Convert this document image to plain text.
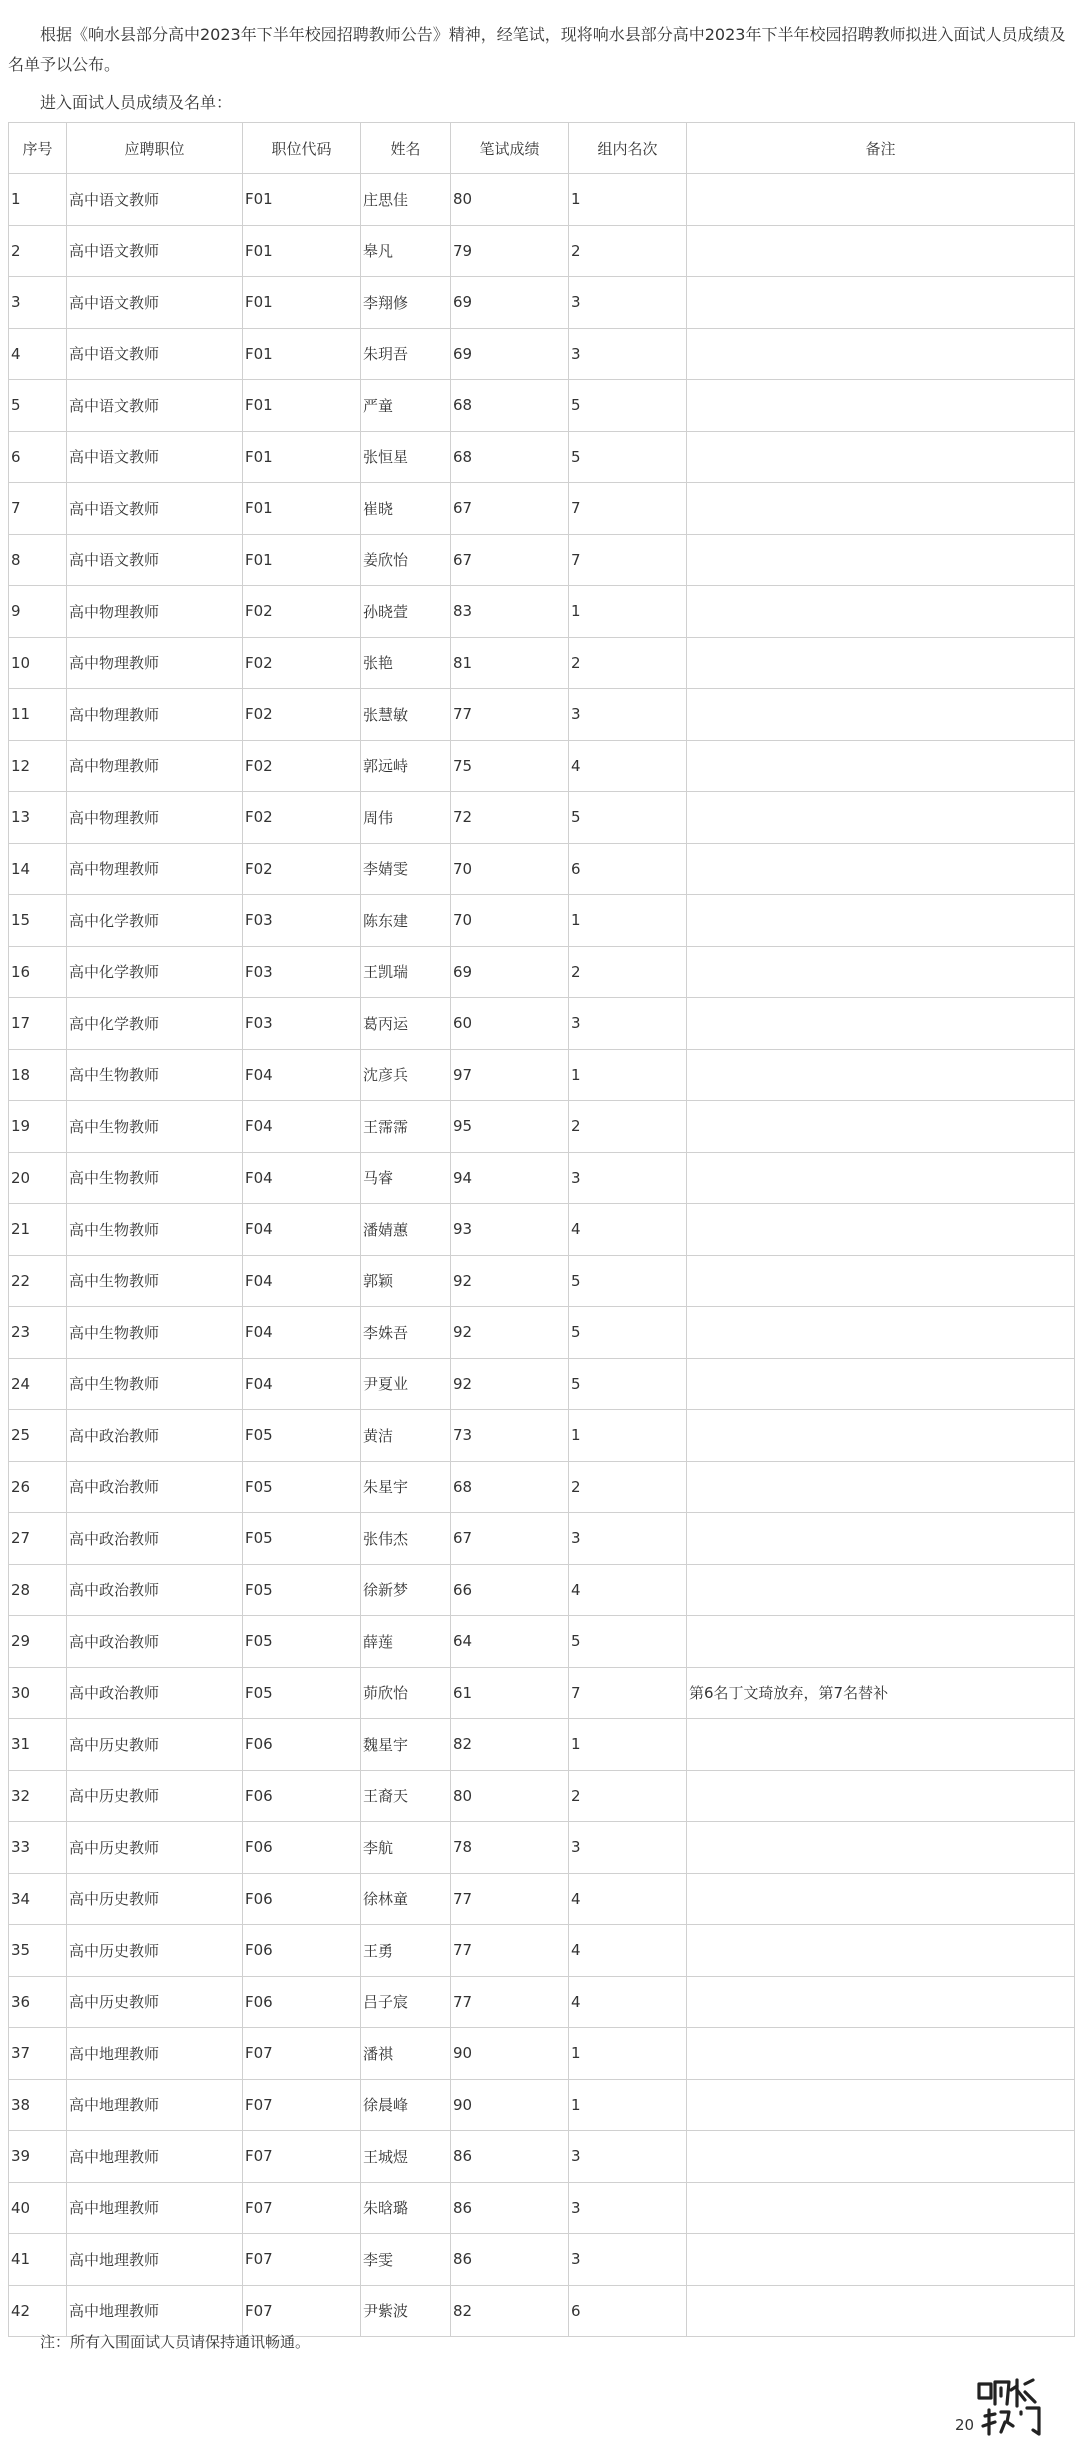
根据《响水县部分高中2023年下半年校园招聘教师公告》精神，经笔试，现将响水县部分高中2023年下半年校园招聘教师拟进入面试人员成绩及名单予以公布。

进入面试人员成绩及名单：

序号	应聘职位	职位代码	姓名	笔试成绩	组内名次	备注
1	高中语文教师	F01	庄思佳	80	1	
2	高中语文教师	F01	皋凡	79	2	
3	高中语文教师	F01	李翔修	69	3	
4	高中语文教师	F01	朱玥吾	69	3	
5	高中语文教师	F01	严童	68	5	
6	高中语文教师	F01	张恒星	68	5	
7	高中语文教师	F01	崔晓	67	7	
8	高中语文教师	F01	姜欣怡	67	7	
9	高中物理教师	F02	孙晓萱	83	1	
10	高中物理教师	F02	张艳	81	2	
11	高中物理教师	F02	张慧敏	77	3	
12	高中物理教师	F02	郭远峙	75	4	
13	高中物理教师	F02	周伟	72	5	
14	高中物理教师	F02	李婧雯	70	6	
15	高中化学教师	F03	陈东建	70	1	
16	高中化学教师	F03	王凯瑞	69	2	
17	高中化学教师	F03	葛丙运	60	3	
18	高中生物教师	F04	沈彦兵	97	1	
19	高中生物教师	F04	王霈霈	95	2	
20	高中生物教师	F04	马睿	94	3	
21	高中生物教师	F04	潘婧蕙	93	4	
22	高中生物教师	F04	郭颖	92	5	
23	高中生物教师	F04	李姝吾	92	5	
24	高中生物教师	F04	尹夏业	92	5	
25	高中政治教师	F05	黄洁	73	1	
26	高中政治教师	F05	朱星宇	68	2	
27	高中政治教师	F05	张伟杰	67	3	
28	高中政治教师	F05	徐新梦	66	4	
29	高中政治教师	F05	薛莲	64	5	
30	高中政治教师	F05	茆欣怡	61	7	第6名丁文琦放弃，第7名替补
31	高中历史教师	F06	魏星宇	82	1	
32	高中历史教师	F06	王裔天	80	2	
33	高中历史教师	F06	李航	78	3	
34	高中历史教师	F06	徐林童	77	4	
35	高中历史教师	F06	王勇	77	4	
36	高中历史教师	F06	吕子宸	77	4	
37	高中地理教师	F07	潘祺	90	1	
38	高中地理教师	F07	徐晨峰	90	1	
39	高中地理教师	F07	王城煜	86	3	
40	高中地理教师	F07	朱晗璐	86	3	
41	高中地理教师	F07	李雯	86	3	
42	高中地理教师	F07	尹紫波	82	6	

注：所有入围面试人员请保持通讯畅通。

20
